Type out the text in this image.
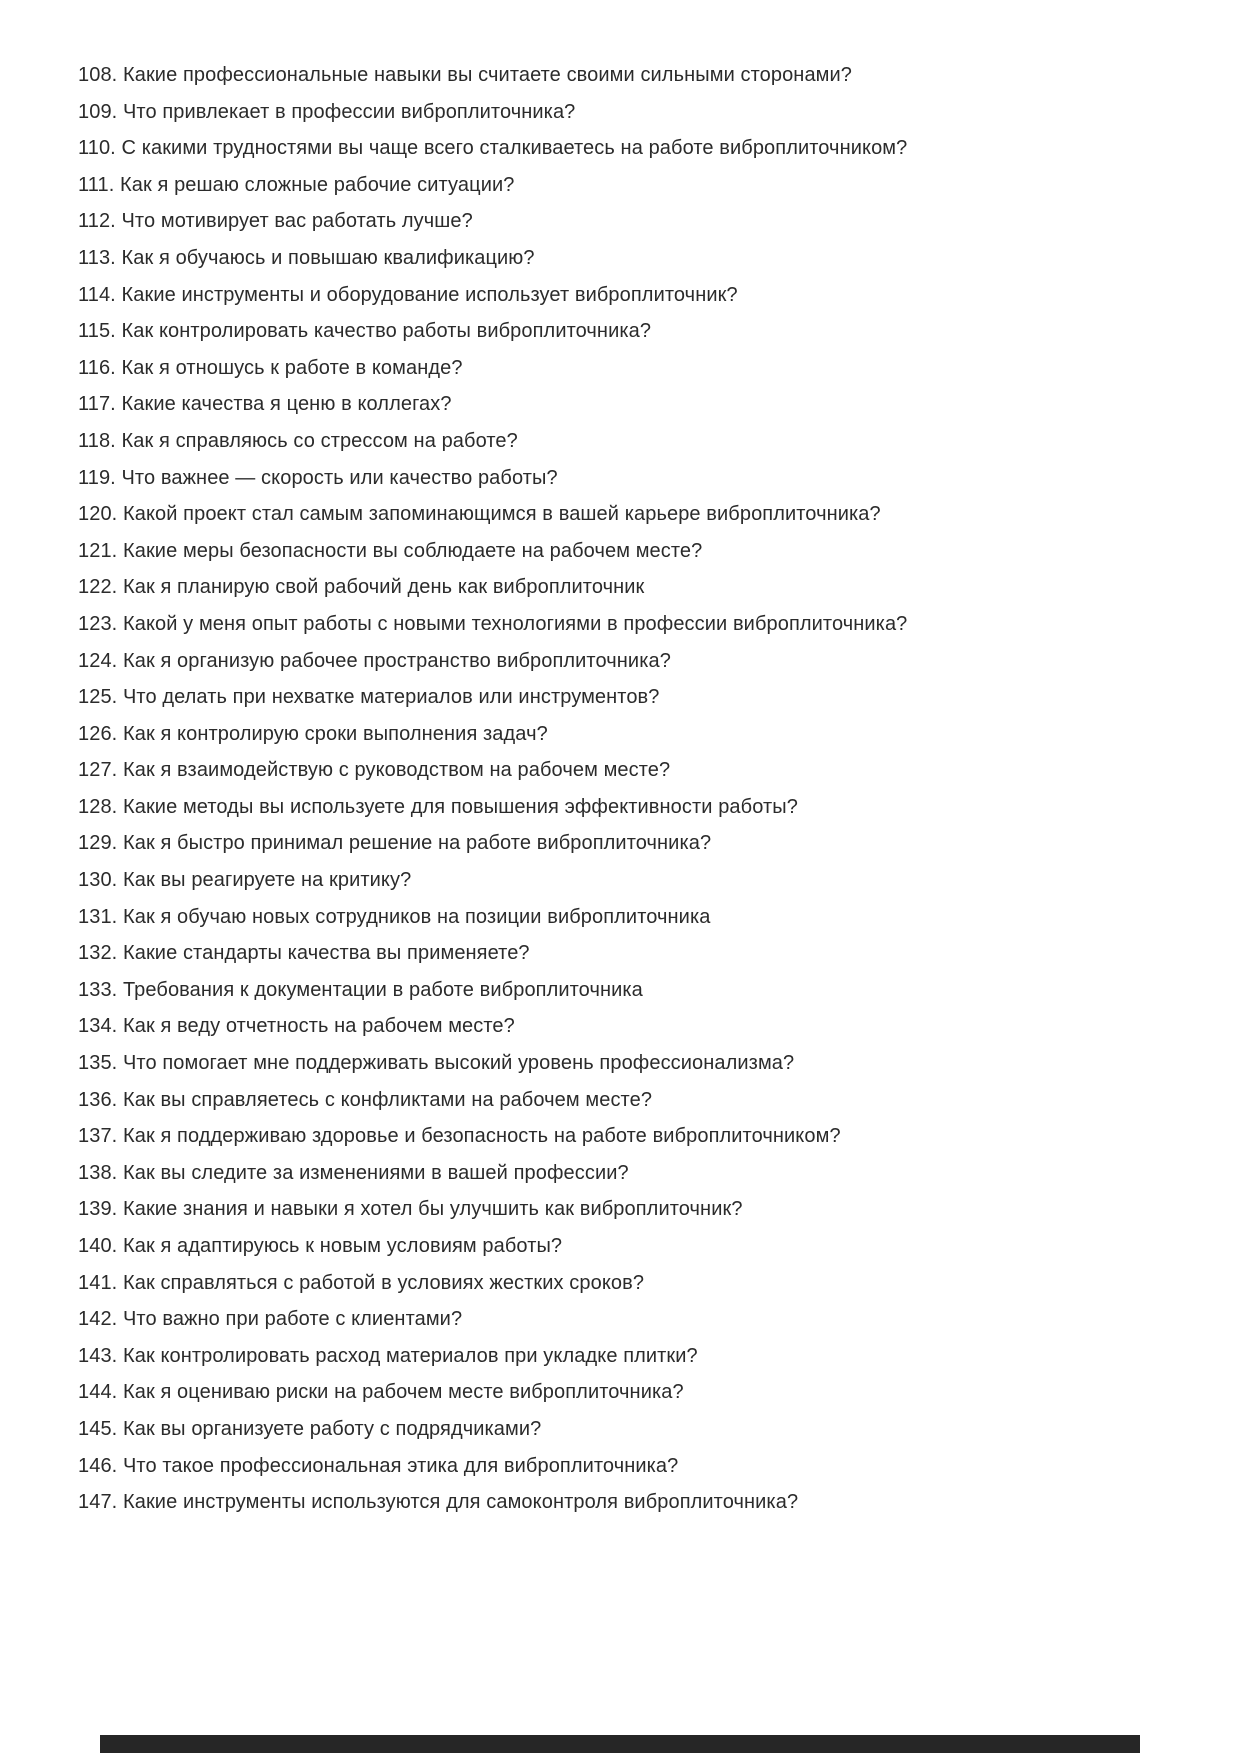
108. Какие профессиональные навыки вы считаете своими сильными сторонами?
109. Что привлекает в профессии виброплиточника?
110. С какими трудностями вы чаще всего сталкиваетесь на работе виброплиточником?
111. Как я решаю сложные рабочие ситуации?
112. Что мотивирует вас работать лучше?
113. Как я обучаюсь и повышаю квалификацию?
114. Какие инструменты и оборудование использует виброплиточник?
115. Как контролировать качество работы виброплиточника?
116. Как я отношусь к работе в команде?
117. Какие качества я ценю в коллегах?
118. Как я справляюсь со стрессом на работе?
119. Что важнее — скорость или качество работы?
120. Какой проект стал самым запоминающимся в вашей карьере виброплиточника?
121. Какие меры безопасности вы соблюдаете на рабочем месте?
122. Как я планирую свой рабочий день как виброплиточник
123. Какой у меня опыт работы с новыми технологиями в профессии виброплиточника?
124. Как я организую рабочее пространство виброплиточника?
125. Что делать при нехватке материалов или инструментов?
126. Как я контролирую сроки выполнения задач?
127. Как я взаимодействую с руководством на рабочем месте?
128. Какие методы вы используете для повышения эффективности работы?
129. Как я быстро принимал решение на работе виброплиточника?
130. Как вы реагируете на критику?
131. Как я обучаю новых сотрудников на позиции виброплиточника
132. Какие стандарты качества вы применяете?
133. Требования к документации в работе виброплиточника
134. Как я веду отчетность на рабочем месте?
135. Что помогает мне поддерживать высокий уровень профессионализма?
136. Как вы справляетесь с конфликтами на рабочем месте?
137. Как я поддерживаю здоровье и безопасность на работе виброплиточником?
138. Как вы следите за изменениями в вашей профессии?
139. Какие знания и навыки я хотел бы улучшить как виброплиточник?
140. Как я адаптируюсь к новым условиям работы?
141. Как справляться с работой в условиях жестких сроков?
142. Что важно при работе с клиентами?
143. Как контролировать расход материалов при укладке плитки?
144. Как я оцениваю риски на рабочем месте виброплиточника?
145. Как вы организуете работу с подрядчиками?
146. Что такое профессиональная этика для виброплиточника?
147. Какие инструменты используются для самоконтроля виброплиточника?
